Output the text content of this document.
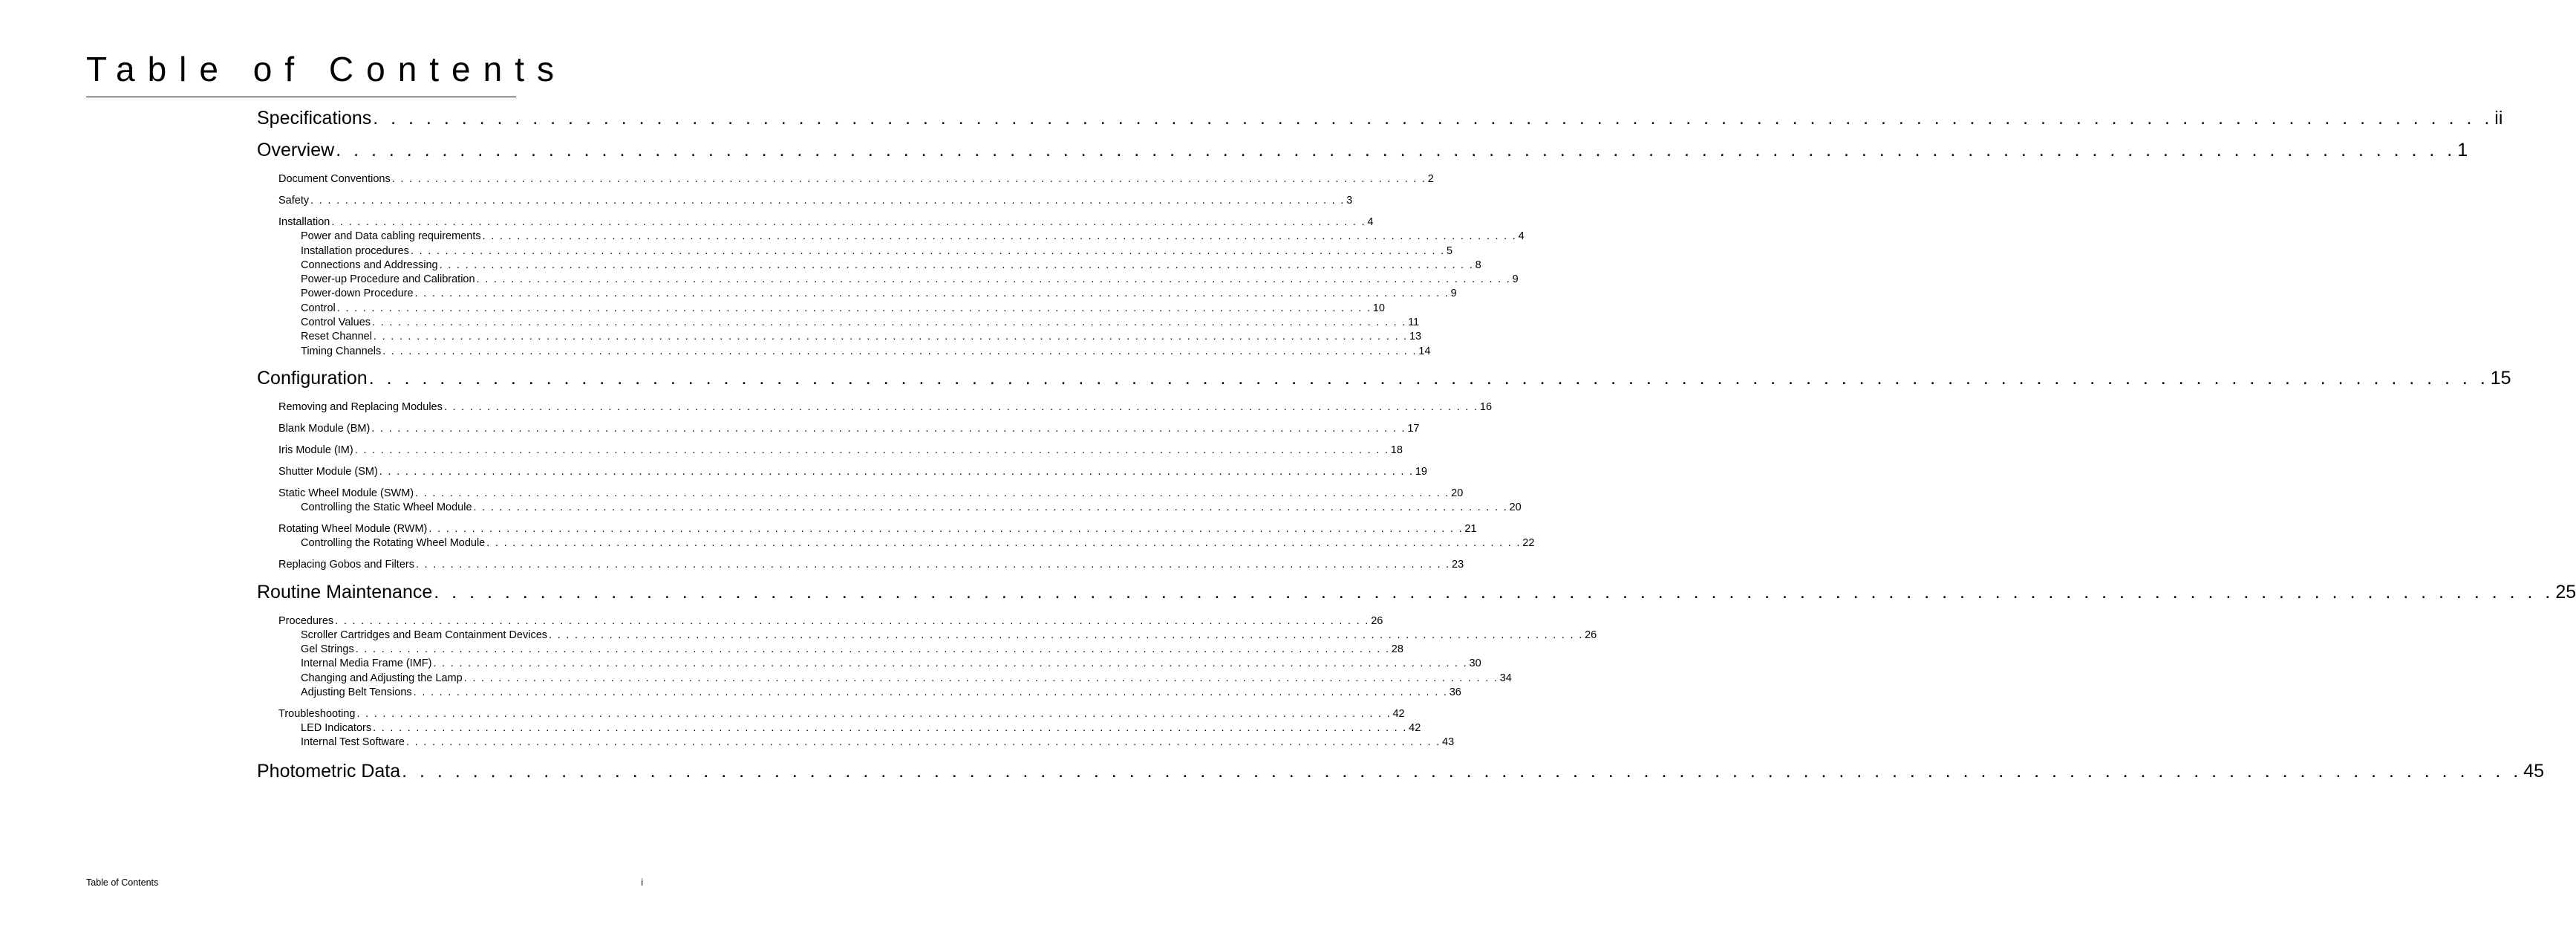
Table of Contents
Specifications . . . . . . . . . . . . . . . . . . . . . . . . . . . . . . . . . . . . . . . . . . . . . . . . . . . . . . . . . . . . . . . . . . . . . . . . . . . . . . . . . . . . . . . . . . . . . . . . . . . . . . . . . . . . . . . . . . . . . . . . ii
Overview . . . . . . . . . . . . . . . . . . . . . . . . . . . . . . . . . . . . . . . . . . . . . . . . . . . . . . . . . . . . . . . . . . . . . . . . . . . . . . . . . . . . . . . . . . . . . . . . . . . . . . . . . . . . . . . . . . . . . . . . 1
Document Conventions . . . . . . . . . . . . . . . . . . . . . . . . . . . . . . . . . . . . . . . . . . . . . . . . . . . . . . . . . . . . . . . . . . . . . . . . . . . . . . . . . . . . . . . . . . . . . . . . . . . . . . . . . . . . . . . . . . . . . . . . 2
Safety . . . . . . . . . . . . . . . . . . . . . . . . . . . . . . . . . . . . . . . . . . . . . . . . . . . . . . . . . . . . . . . . . . . . . . . . . . . . . . . . . . . . . . . . . . . . . . . . . . . . . . . . . . . . . . . . . . . . . . . . 3
Installation . . . . . . . . . . . . . . . . . . . . . . . . . . . . . . . . . . . . . . . . . . . . . . . . . . . . . . . . . . . . . . . . . . . . . . . . . . . . . . . . . . . . . . . . . . . . . . . . . . . . . . . . . . . . . . . . . . . . . . . . 4
Power and Data cabling requirements . . . . . . . . . . . . . . . . . . . . . . . . . . . . . . . . . . . . . . . . . . . . . . . . . . . . . . . . . . . . . . . . . . . . . . . . . . . . . . . . . . . . . . . . . . . . . . . . . . . . . . . . . . . . . . . . . . . . . . . . 4
Installation procedures . . . . . . . . . . . . . . . . . . . . . . . . . . . . . . . . . . . . . . . . . . . . . . . . . . . . . . . . . . . . . . . . . . . . . . . . . . . . . . . . . . . . . . . . . . . . . . . . . . . . . . . . . . . . . . . . . . . . . . . . 5
Connections and Addressing . . . . . . . . . . . . . . . . . . . . . . . . . . . . . . . . . . . . . . . . . . . . . . . . . . . . . . . . . . . . . . . . . . . . . . . . . . . . . . . . . . . . . . . . . . . . . . . . . . . . . . . . . . . . . . . . . . . . . . . . 8
Power-up Procedure and Calibration . . . . . . . . . . . . . . . . . . . . . . . . . . . . . . . . . . . . . . . . . . . . . . . . . . . . . . . . . . . . . . . . . . . . . . . . . . . . . . . . . . . . . . . . . . . . . . . . . . . . . . . . . . . . . . . . . . . . . . . . 9
Power-down Procedure . . . . . . . . . . . . . . . . . . . . . . . . . . . . . . . . . . . . . . . . . . . . . . . . . . . . . . . . . . . . . . . . . . . . . . . . . . . . . . . . . . . . . . . . . . . . . . . . . . . . . . . . . . . . . . . . . . . . . . . . 9
Control . . . . . . . . . . . . . . . . . . . . . . . . . . . . . . . . . . . . . . . . . . . . . . . . . . . . . . . . . . . . . . . . . . . . . . . . . . . . . . . . . . . . . . . . . . . . . . . . . . . . . . . . . . . . . . . . . . . . . . . . 10
Control Values . . . . . . . . . . . . . . . . . . . . . . . . . . . . . . . . . . . . . . . . . . . . . . . . . . . . . . . . . . . . . . . . . . . . . . . . . . . . . . . . . . . . . . . . . . . . . . . . . . . . . . . . . . . . . . . . . . . . . . . . 11
Reset Channel . . . . . . . . . . . . . . . . . . . . . . . . . . . . . . . . . . . . . . . . . . . . . . . . . . . . . . . . . . . . . . . . . . . . . . . . . . . . . . . . . . . . . . . . . . . . . . . . . . . . . . . . . . . . . . . . . . . . . . . . 13
Timing Channels . . . . . . . . . . . . . . . . . . . . . . . . . . . . . . . . . . . . . . . . . . . . . . . . . . . . . . . . . . . . . . . . . . . . . . . . . . . . . . . . . . . . . . . . . . . . . . . . . . . . . . . . . . . . . . . . . . . . . . . . 14
Configuration . . . . . . . . . . . . . . . . . . . . . . . . . . . . . . . . . . . . . . . . . . . . . . . . . . . . . . . . . . . . . . . . . . . . . . . . . . . . . . . . . . . . . . . . . . . . . . . . . . . . . . . . . . . . . . . . . . . . . . . . 15
Removing and Replacing Modules . . . . . . . . . . . . . . . . . . . . . . . . . . . . . . . . . . . . . . . . . . . . . . . . . . . . . . . . . . . . . . . . . . . . . . . . . . . . . . . . . . . . . . . . . . . . . . . . . . . . . . . . . . . . . . . . . . . . . . . . 16
Blank Module (BM) . . . . . . . . . . . . . . . . . . . . . . . . . . . . . . . . . . . . . . . . . . . . . . . . . . . . . . . . . . . . . . . . . . . . . . . . . . . . . . . . . . . . . . . . . . . . . . . . . . . . . . . . . . . . . . . . . . . . . . . . 17
Iris Module (IM) . . . . . . . . . . . . . . . . . . . . . . . . . . . . . . . . . . . . . . . . . . . . . . . . . . . . . . . . . . . . . . . . . . . . . . . . . . . . . . . . . . . . . . . . . . . . . . . . . . . . . . . . . . . . . . . . . . . . . . . . 18
Shutter Module (SM) . . . . . . . . . . . . . . . . . . . . . . . . . . . . . . . . . . . . . . . . . . . . . . . . . . . . . . . . . . . . . . . . . . . . . . . . . . . . . . . . . . . . . . . . . . . . . . . . . . . . . . . . . . . . . . . . . . . . . . . . 19
Static Wheel Module (SWM) . . . . . . . . . . . . . . . . . . . . . . . . . . . . . . . . . . . . . . . . . . . . . . . . . . . . . . . . . . . . . . . . . . . . . . . . . . . . . . . . . . . . . . . . . . . . . . . . . . . . . . . . . . . . . . . . . . . . . . . . 20
Controlling the Static Wheel Module . . . . . . . . . . . . . . . . . . . . . . . . . . . . . . . . . . . . . . . . . . . . . . . . . . . . . . . . . . . . . . . . . . . . . . . . . . . . . . . . . . . . . . . . . . . . . . . . . . . . . . . . . . . . . . . . . . . . . . . . 20
Rotating Wheel Module (RWM) . . . . . . . . . . . . . . . . . . . . . . . . . . . . . . . . . . . . . . . . . . . . . . . . . . . . . . . . . . . . . . . . . . . . . . . . . . . . . . . . . . . . . . . . . . . . . . . . . . . . . . . . . . . . . . . . . . . . . . . . 21
Controlling the Rotating Wheel Module . . . . . . . . . . . . . . . . . . . . . . . . . . . . . . . . . . . . . . . . . . . . . . . . . . . . . . . . . . . . . . . . . . . . . . . . . . . . . . . . . . . . . . . . . . . . . . . . . . . . . . . . . . . . . . . . . . . . . . . . 22
Replacing Gobos and Filters . . . . . . . . . . . . . . . . . . . . . . . . . . . . . . . . . . . . . . . . . . . . . . . . . . . . . . . . . . . . . . . . . . . . . . . . . . . . . . . . . . . . . . . . . . . . . . . . . . . . . . . . . . . . . . . . . . . . . . . . 23
Routine Maintenance . . . . . . . . . . . . . . . . . . . . . . . . . . . . . . . . . . . . . . . . . . . . . . . . . . . . . . . . . . . . . . . . . . . . . . . . . . . . . . . . . . . . . . . . . . . . . . . . . . . . . . . . . . . . . . . . . . . . . . . . 25
Procedures . . . . . . . . . . . . . . . . . . . . . . . . . . . . . . . . . . . . . . . . . . . . . . . . . . . . . . . . . . . . . . . . . . . . . . . . . . . . . . . . . . . . . . . . . . . . . . . . . . . . . . . . . . . . . . . . . . . . . . . . 26
Scroller Cartridges and Beam Containment Devices . . . . . . . . . . . . . . . . . . . . . . . . . . . . . . . . . . . . . . . . . . . . . . . . . . . . . . . . . . . . . . . . . . . . . . . . . . . . . . . . . . . . . . . . . . . . . . . . . . . . . . . . . . . . . . . . . . . . . . . . 26
Gel Strings . . . . . . . . . . . . . . . . . . . . . . . . . . . . . . . . . . . . . . . . . . . . . . . . . . . . . . . . . . . . . . . . . . . . . . . . . . . . . . . . . . . . . . . . . . . . . . . . . . . . . . . . . . . . . . . . . . . . . . . . 28
Internal Media Frame (IMF) . . . . . . . . . . . . . . . . . . . . . . . . . . . . . . . . . . . . . . . . . . . . . . . . . . . . . . . . . . . . . . . . . . . . . . . . . . . . . . . . . . . . . . . . . . . . . . . . . . . . . . . . . . . . . . . . . . . . . . . . 30
Changing and Adjusting the Lamp . . . . . . . . . . . . . . . . . . . . . . . . . . . . . . . . . . . . . . . . . . . . . . . . . . . . . . . . . . . . . . . . . . . . . . . . . . . . . . . . . . . . . . . . . . . . . . . . . . . . . . . . . . . . . . . . . . . . . . . . 34
Adjusting Belt Tensions . . . . . . . . . . . . . . . . . . . . . . . . . . . . . . . . . . . . . . . . . . . . . . . . . . . . . . . . . . . . . . . . . . . . . . . . . . . . . . . . . . . . . . . . . . . . . . . . . . . . . . . . . . . . . . . . . . . . . . . . 36
Troubleshooting . . . . . . . . . . . . . . . . . . . . . . . . . . . . . . . . . . . . . . . . . . . . . . . . . . . . . . . . . . . . . . . . . . . . . . . . . . . . . . . . . . . . . . . . . . . . . . . . . . . . . . . . . . . . . . . . . . . . . . . . 42
LED Indicators . . . . . . . . . . . . . . . . . . . . . . . . . . . . . . . . . . . . . . . . . . . . . . . . . . . . . . . . . . . . . . . . . . . . . . . . . . . . . . . . . . . . . . . . . . . . . . . . . . . . . . . . . . . . . . . . . . . . . . . . 42
Internal Test Software . . . . . . . . . . . . . . . . . . . . . . . . . . . . . . . . . . . . . . . . . . . . . . . . . . . . . . . . . . . . . . . . . . . . . . . . . . . . . . . . . . . . . . . . . . . . . . . . . . . . . . . . . . . . . . . . . . . . . . . . 43
Photometric Data . . . . . . . . . . . . . . . . . . . . . . . . . . . . . . . . . . . . . . . . . . . . . . . . . . . . . . . . . . . . . . . . . . . . . . . . . . . . . . . . . . . . . . . . . . . . . . . . . . . . . . . . . . . . . . . . . . . . . . . . 45
Table of Contents	i
